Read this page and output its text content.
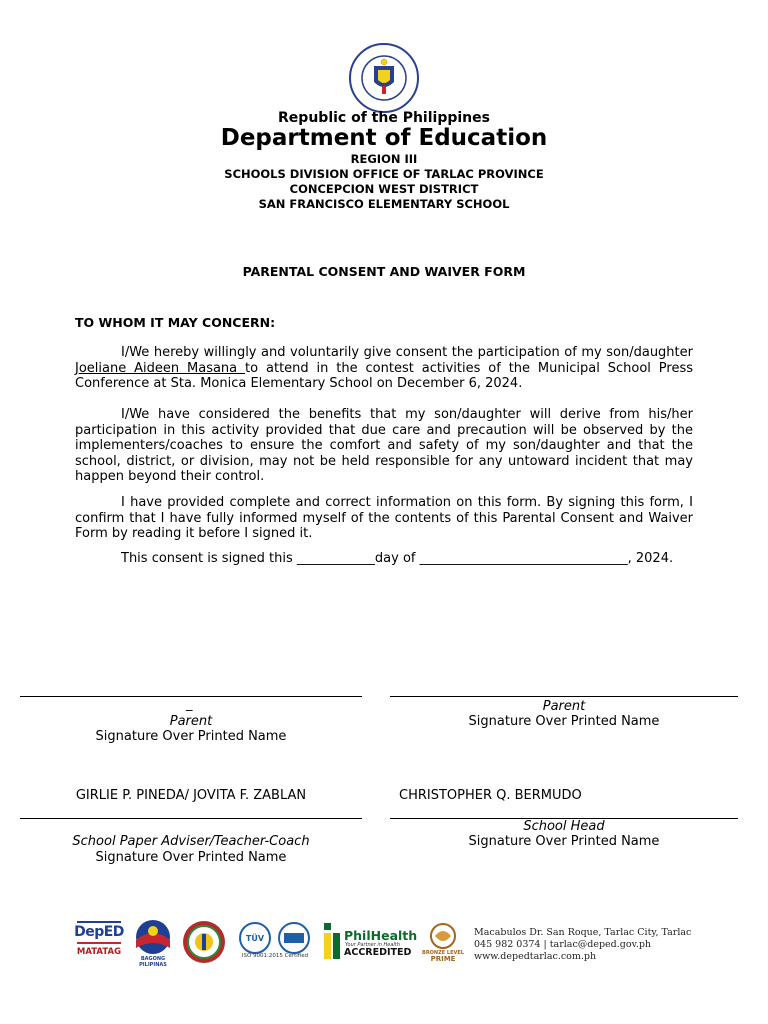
Republic of the Philippines
Department of Education
REGION III
SCHOOLS DIVISION OFFICE OF TARLAC PROVINCE
CONCEPCION WEST DISTRICT
SAN FRANCISCO ELEMENTARY SCHOOL
PARENTAL CONSENT AND WAIVER FORM
TO WHOM IT MAY CONCERN:

I/We hereby willingly and voluntarily give consent the participation of my son/daughter Joeliane Aideen Masana to attend in the contest activities of the Municipal School Press Conference at Sta. Monica Elementary School on December 6, 2024.

I/We have considered the benefits that my son/daughter will derive from his/her participation in this activity provided that due care and precaution will be observed by the implementers/coaches to ensure the comfort and safety of my son/daughter and that the school, district, or division, may not be held responsible for any untoward incident that may happen beyond their control.

I have provided complete and correct information on this form. By signing this form, I confirm that I have fully informed myself of the contents of this Parental Consent and Waiver Form by reading it before I signed it.

This consent is signed this ____________day of ________________________________, 2024.

_
Parent
Signature Over Printed Name
Parent
Signature Over Printed Name
GIRLIE P. PINEDA/ JOVITA F. ZABLAN	CHRISTOPHER Q. BERMUDO
School Paper Adviser/Teacher-Coach
Signature Over Printed Name
School Head
Signature Over Printed Name
DepED
MATATAG
BAGONG PILIPINAS
TÜV
ISO 9001:2015 Certified
PhilHealth
Your Partner in Health
ACCREDITED	BRONZE LEVEL
PRIME
Macabulos Dr. San Roque, Tarlac City, Tarlac
045 982 0374 | tarlac@deped.gov.ph
www.depedtarlac.com.ph
